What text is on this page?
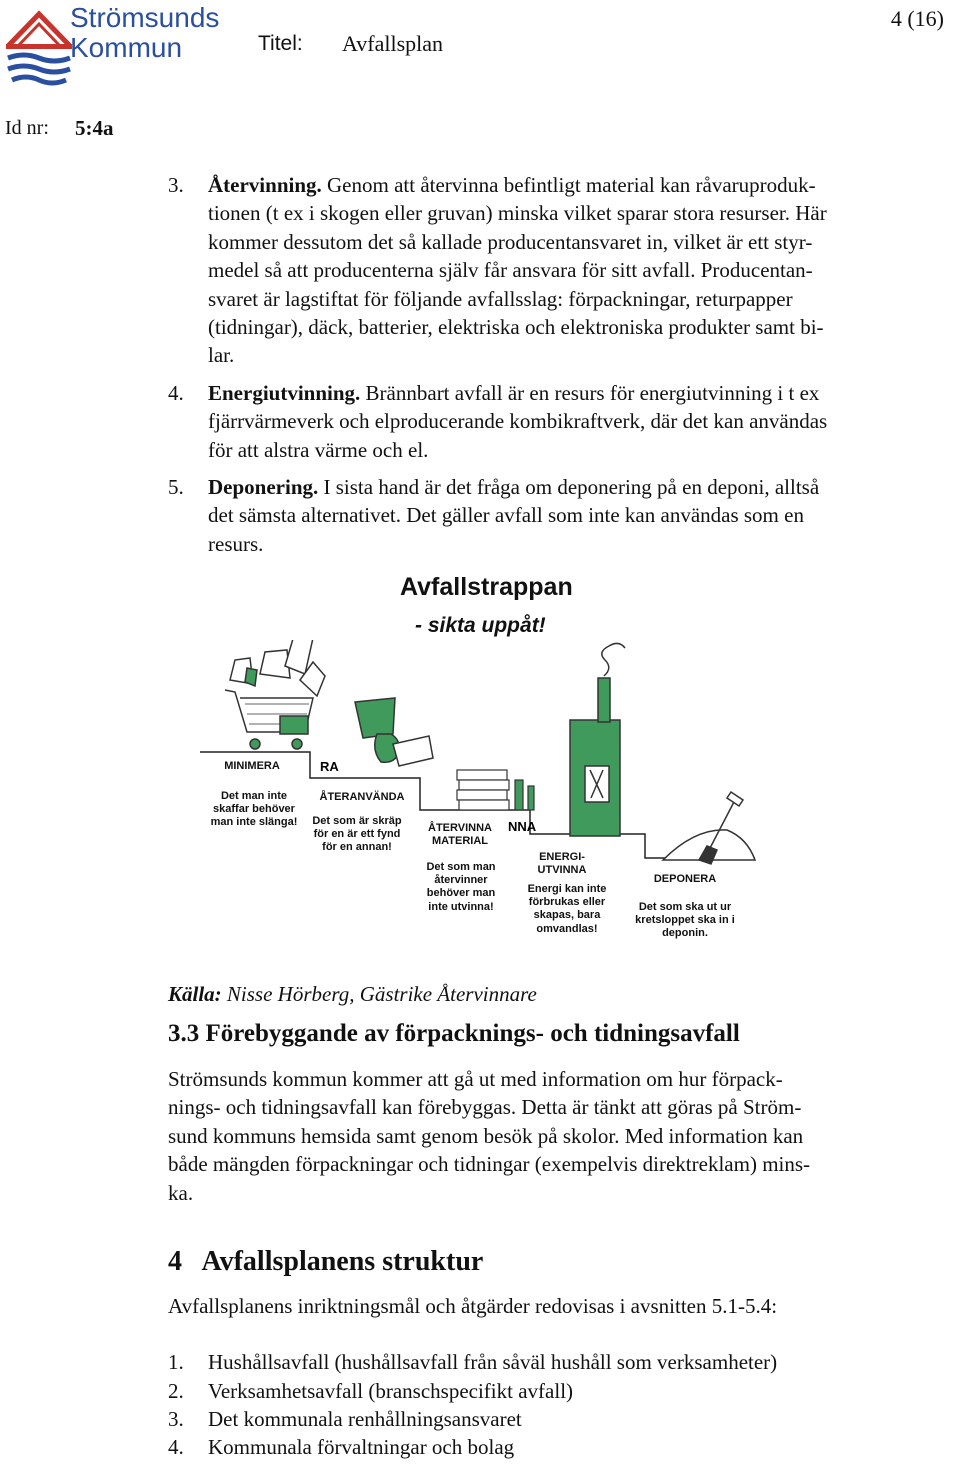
Strömsunds
Kommun	Titel: Avfallsplan
4 (16)
Id nr: 5:4a
3. Återvinning. Genom att återvinna befintligt material kan råvaruproduk-
tionen (t ex i skogen eller gruvan) minska vilket sparar stora resurser. Här
kommer dessutom det så kallade producentansvaret in, vilket är ett styr-
medel så att producenterna själv får ansvara för sitt avfall. Producentan-
svaret är lagstiftat för följande avfallsslag: förpackningar, returpapper
(tidningar), däck, batterier, elektriska och elektroniska produkter samt bi-
lar.
4. Energiutvinning. Brännbart avfall är en resurs för energiutvinning i t ex
fjärrvärmeverk och elproducerande kombikraftverk, där det kan användas
för att alstra värme och el.
5. Deponering. I sista hand är det fråga om deponering på en deponi, alltså
det sämsta alternativet. Det gäller avfall som inte kan användas som en
resurs.
Avfallstrappan
- sikta uppåt!
RA
NNA
MINIMERA
Det man inte skaffar behöver man inte slänga!
ÅTERANVÄNDA
Det som är skräp för en är ett fynd för en annan!
ÅTERVINNA MATERIAL
Det som man återvinner behöver man inte utvinna!
ENERGI-UTVINNA
Energi kan inte förbrukas eller skapas, bara omvandlas!
DEPONERA
Det som ska ut ur kretsloppet ska in i deponin.
Källa: Nisse Hörberg, Gästrike Återvinnare
3.3 Förebyggande av förpacknings- och tidningsavfall
Strömsunds kommun kommer att gå ut med information om hur förpack-
nings- och tidningsavfall kan förebyggas. Detta är tänkt att göras på Ström-
sund kommuns hemsida samt genom besök på skolor. Med information kan
både mängden förpackningar och tidningar (exempelvis direktreklam) mins-
ka.
4   Avfallsplanens struktur
Avfallsplanens inriktningsmål och åtgärder redovisas i avsnitten 5.1-5.4:
1. Hushållsavfall (hushållsavfall från såväl hushåll som verksamheter)
2. Verksamhetsavfall (branschspecifikt avfall)
3. Det kommunala renhållningsansvaret
4. Kommunala förvaltningar och bolag
